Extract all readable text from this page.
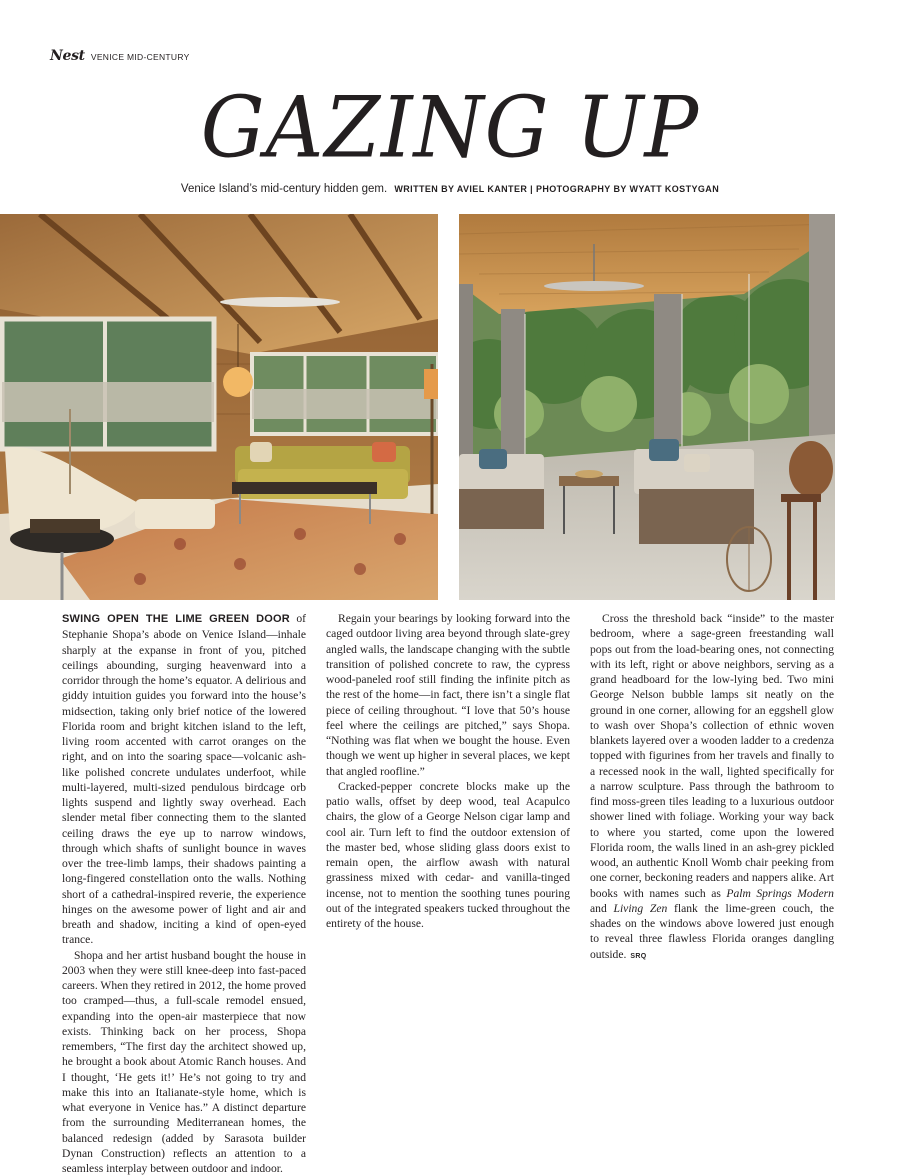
Nest VENICE MID-CENTURY
GAZING UP
Venice Island’s mid-century hidden gem. WRITTEN BY AVIEL KANTER | PHOTOGRAPHY BY WYATT KOSTYGAN

SWING OPEN THE LIME GREEN DOOR of Stephanie Shopa’s abode on Venice Island—inhale sharply at the expanse in front of you, pitched ceilings abounding, surging heavenward into a corridor through the home’s equator. A delirious and giddy intuition guides you forward into the house’s midsection, taking only brief notice of the lowered Florida room and bright kitchen island to the left, living room accented with carrot oranges on the right, and on into the soaring space—volcanic ash-like polished concrete undulates underfoot, while multi-layered, multi-sized pendulous birdcage orb lights suspend and lightly sway overhead. Each slender metal fiber connecting them to the slanted ceiling draws the eye up to narrow windows, through which shafts of sunlight bounce in waves over the tree-limb lamps, their shadows painting a long-fingered constellation onto the walls. Nothing short of a cathedral-inspired reverie, the experience hinges on the awesome power of light and air and breath and shadow, inciting a kind of open-eyed trance.

Shopa and her artist husband bought the house in 2003 when they were still knee-deep into fast-paced careers. When they retired in 2012, the home proved too cramped—thus, a full-scale remodel ensued, expanding into the open-air masterpiece that now exists. Thinking back on her process, Shopa remembers, “The first day the architect showed up, he brought a book about Atomic Ranch houses. And I thought, ‘He gets it!’ He’s not going to try and make this into an Italianate-style home, which is what everyone in Venice has.” A distinct departure from the surrounding Mediterranean homes, the balanced redesign (added by Sarasota builder Dynan Construction) reflects an attention to a seamless interplay between outdoor and indoor.

Regain your bearings by looking forward into the caged outdoor living area beyond through slate-grey angled walls, the landscape changing with the subtle transition of polished concrete to raw, the cypress wood-paneled roof still finding the infinite pitch as the rest of the home—in fact, there isn’t a single flat piece of ceiling throughout. “I love that 50’s house feel where the ceilings are pitched,” says Shopa. “Nothing was flat when we bought the house. Even though we went up higher in several places, we kept that angled roofline.”

Cracked-pepper concrete blocks make up the patio walls, offset by deep wood, teal Acapulco chairs, the glow of a George Nelson cigar lamp and cool air. Turn left to find the outdoor extension of the master bed, whose sliding glass doors exist to remain open, the airflow awash with natural grassiness mixed with cedar- and vanilla-tinged incense, not to mention the soothing tunes pouring out of the integrated speakers tucked throughout the entirety of the house.

Cross the threshold back “inside” to the master bedroom, where a sage-green freestanding wall pops out from the load-bearing ones, not connecting with its left, right or above neighbors, serving as a grand headboard for the low-lying bed. Two mini George Nelson bubble lamps sit neatly on the ground in one corner, allowing for an eggshell glow to wash over Shopa’s collection of ethnic woven blankets layered over a wooden ladder to a credenza topped with figurines from her travels and finally to a recessed nook in the wall, lighted specifically for a narrow sculpture. Pass through the bathroom to find moss-green tiles leading to a luxurious outdoor shower lined with foliage. Working your way back to where you started, come upon the lowered Florida room, the walls lined in an ash-grey pickled wood, an authentic Knoll Womb chair peeking from one corner, beckoning readers and nappers alike. Art books with names such as Palm Springs Modern and Living Zen flank the lime-green couch, the shades on the windows above lowered just enough to reveal three flawless Florida oranges dangling outside. SRQ
